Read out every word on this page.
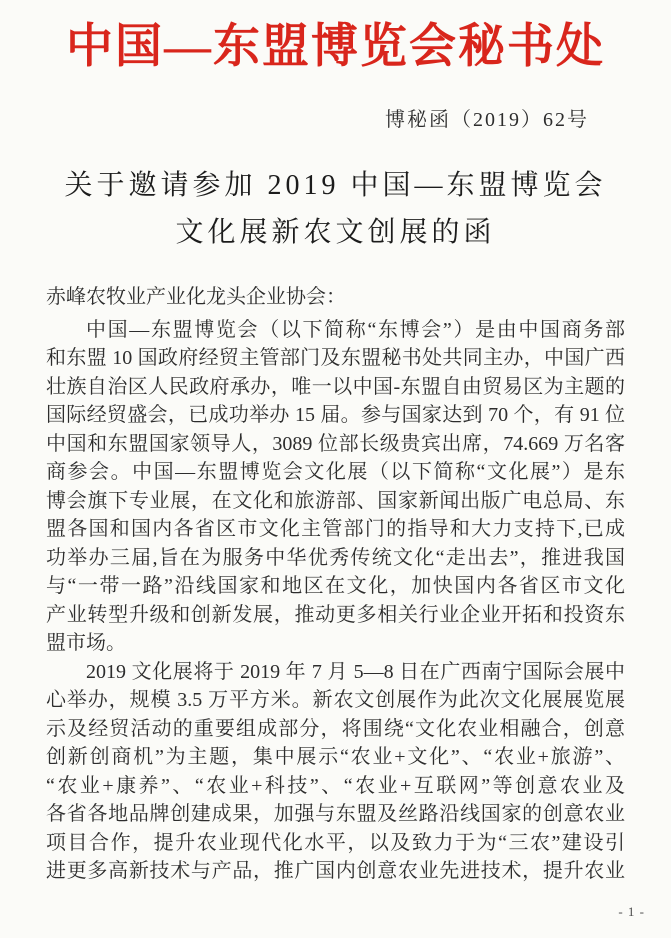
中国—东盟博览会秘书处
博秘函（2019）62号
关于邀请参加 2019 中国—东盟博览会
文化展新农文创展的函
赤峰农牧业产业化龙头企业协会：
中国—东盟博览会（以下简称“东博会”）是由中国商务部
和东盟 10 国政府经贸主管部门及东盟秘书处共同主办，中国广西
壮族自治区人民政府承办，唯一以中国-东盟自由贸易区为主题的
国际经贸盛会，已成功举办 15 届。参与国家达到 70 个，有 91 位
中国和东盟国家领导人，3089 位部长级贵宾出席，74.669 万名客
商参会。中国—东盟博览会文化展（以下简称“文化展”）是东
博会旗下专业展，在文化和旅游部、国家新闻出版广电总局、东
盟各国和国内各省区市文化主管部门的指导和大力支持下,已成
功举办三届,旨在为服务中华优秀传统文化“走出去”，推进我国
与“一带一路”沿线国家和地区在文化，加快国内各省区市文化
产业转型升级和创新发展，推动更多相关行业企业开拓和投资东
盟市场。
2019 文化展将于 2019 年 7 月 5—8 日在广西南宁国际会展中
心举办，规模 3.5 万平方米。新农文创展作为此次文化展展览展
示及经贸活动的重要组成部分，将围绕“文化农业相融合，创意
创新创商机”为主题，集中展示“农业+文化”、“农业+旅游”、
“农业+康养”、“农业+科技”、“农业+互联网”等创意农业及
各省各地品牌创建成果，加强与东盟及丝路沿线国家的创意农业
项目合作，提升农业现代化水平，以及致力于为“三农”建设引
进更多高新技术与产品，推广国内创意农业先进技术，提升农业
- 1 -
